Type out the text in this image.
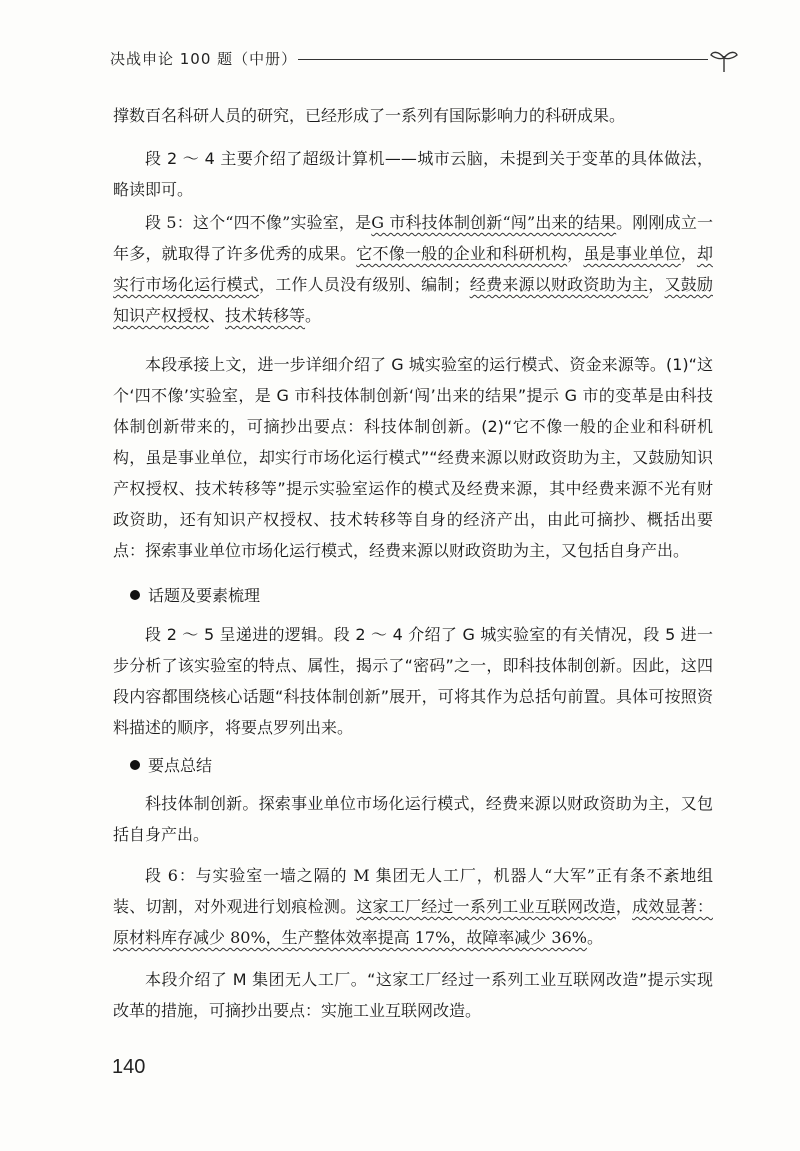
决战申论 100 题（中册）

撑数百名科研人员的研究，已经形成了一系列有国际影响力的科研成果。

段 2 ～ 4 主要介绍了超级计算机——城市云脑，未提到关于变革的具体做法，略读即可。

段 5：这个“四不像”实验室，是G 市科技体制创新“闯”出来的结果。刚刚成立一年多，就取得了许多优秀的成果。它不像一般的企业和科研机构，虽是事业单位，却实行市场化运行模式，工作人员没有级别、编制；经费来源以财政资助为主，又鼓励知识产权授权、技术转移等。

本段承接上文，进一步详细介绍了 G 城实验室的运行模式、资金来源等。(1)“这个‘四不像’实验室，是 G 市科技体制创新‘闯’出来的结果”提示 G 市的变革是由科技体制创新带来的，可摘抄出要点：科技体制创新。(2)“它不像一般的企业和科研机构，虽是事业单位，却实行市场化运行模式”“经费来源以财政资助为主，又鼓励知识产权授权、技术转移等”提示实验室运作的模式及经费来源，其中经费来源不光有财政资助，还有知识产权授权、技术转移等自身的经济产出，由此可摘抄、概括出要点：探索事业单位市场化运行模式，经费来源以财政资助为主，又包括自身产出。

话题及要素梳理

段 2 ～ 5 呈递进的逻辑。段 2 ～ 4 介绍了 G 城实验室的有关情况，段 5 进一步分析了该实验室的特点、属性，揭示了“密码”之一，即科技体制创新。因此，这四段内容都围绕核心话题“科技体制创新”展开，可将其作为总括句前置。具体可按照资料描述的顺序，将要点罗列出来。

要点总结

科技体制创新。探索事业单位市场化运行模式，经费来源以财政资助为主，又包括自身产出。

段 6：与实验室一墙之隔的 M 集团无人工厂，机器人“大军”正有条不紊地组装、切割，对外观进行划痕检测。这家工厂经过一系列工业互联网改造，成效显著：原材料库存减少 80%，生产整体效率提高 17%，故障率减少 36%。

本段介绍了 M 集团无人工厂。“这家工厂经过一系列工业互联网改造”提示实现改革的措施，可摘抄出要点：实施工业互联网改造。

140
